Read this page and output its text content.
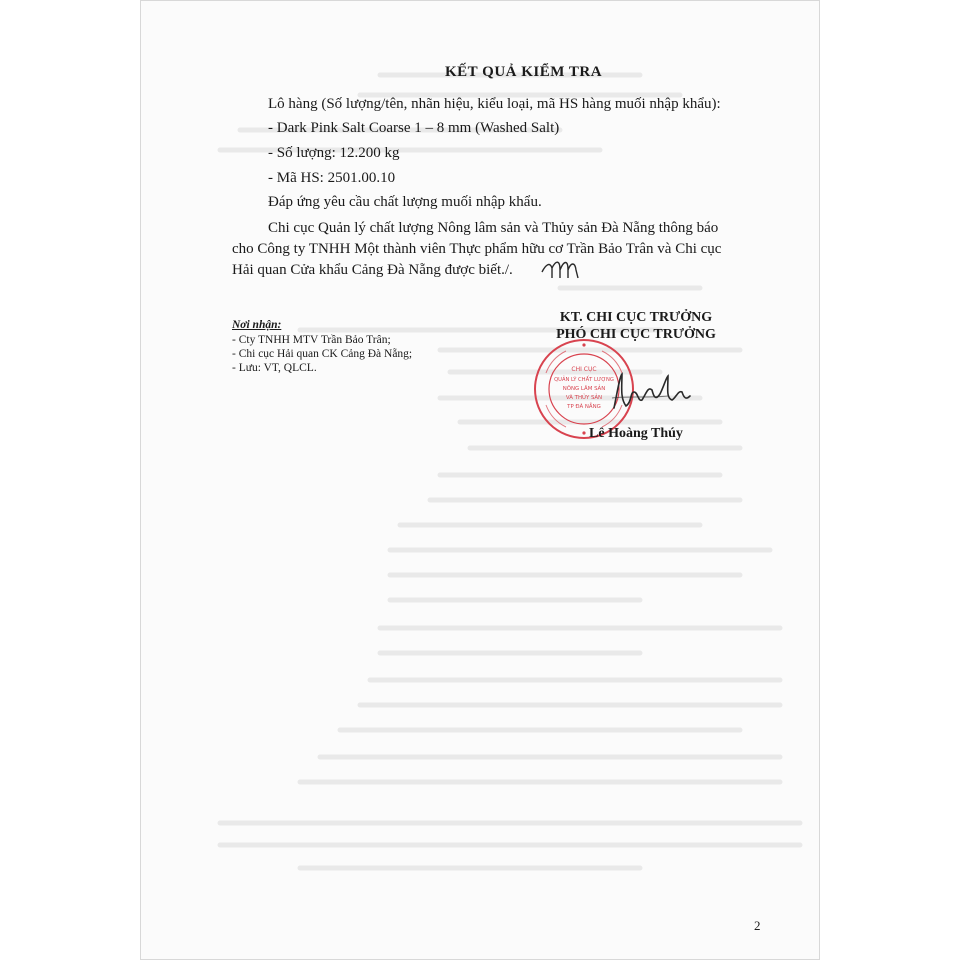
KẾT QUẢ KIỂM TRA
Lô hàng (Số lượng/tên, nhãn hiệu, kiểu loại, mã HS hàng muối nhập khẩu):
- Dark Pink Salt Coarse 1 – 8 mm (Washed Salt)
- Số lượng: 12.200 kg
- Mã HS: 2501.00.10
Đáp ứng yêu cầu chất lượng muối nhập khẩu.
Chi cục Quản lý chất lượng Nông lâm sản và Thủy sản Đà Nẵng thông báo
cho Công ty TNHH Một thành viên Thực phẩm hữu cơ Trần Bảo Trân và Chi cục
Hải quan Cửa khẩu Cảng Đà Nẵng được biết./.
Nơi nhận:
- Cty TNHH MTV Trần Bảo Trân;
- Chi cục Hải quan CK Cảng Đà Nẵng;
- Lưu: VT, QLCL.
KT. CHI CỤC TRƯỞNG
PHÓ CHI CỤC TRƯỞNG
CHI CỤC
QUẢN LÝ CHẤT LƯỢNG
NÔNG LÂM SẢN
VÀ THỦY SẢN
TP ĐÀ NẴNG
Lê Hoàng Thúy
2
